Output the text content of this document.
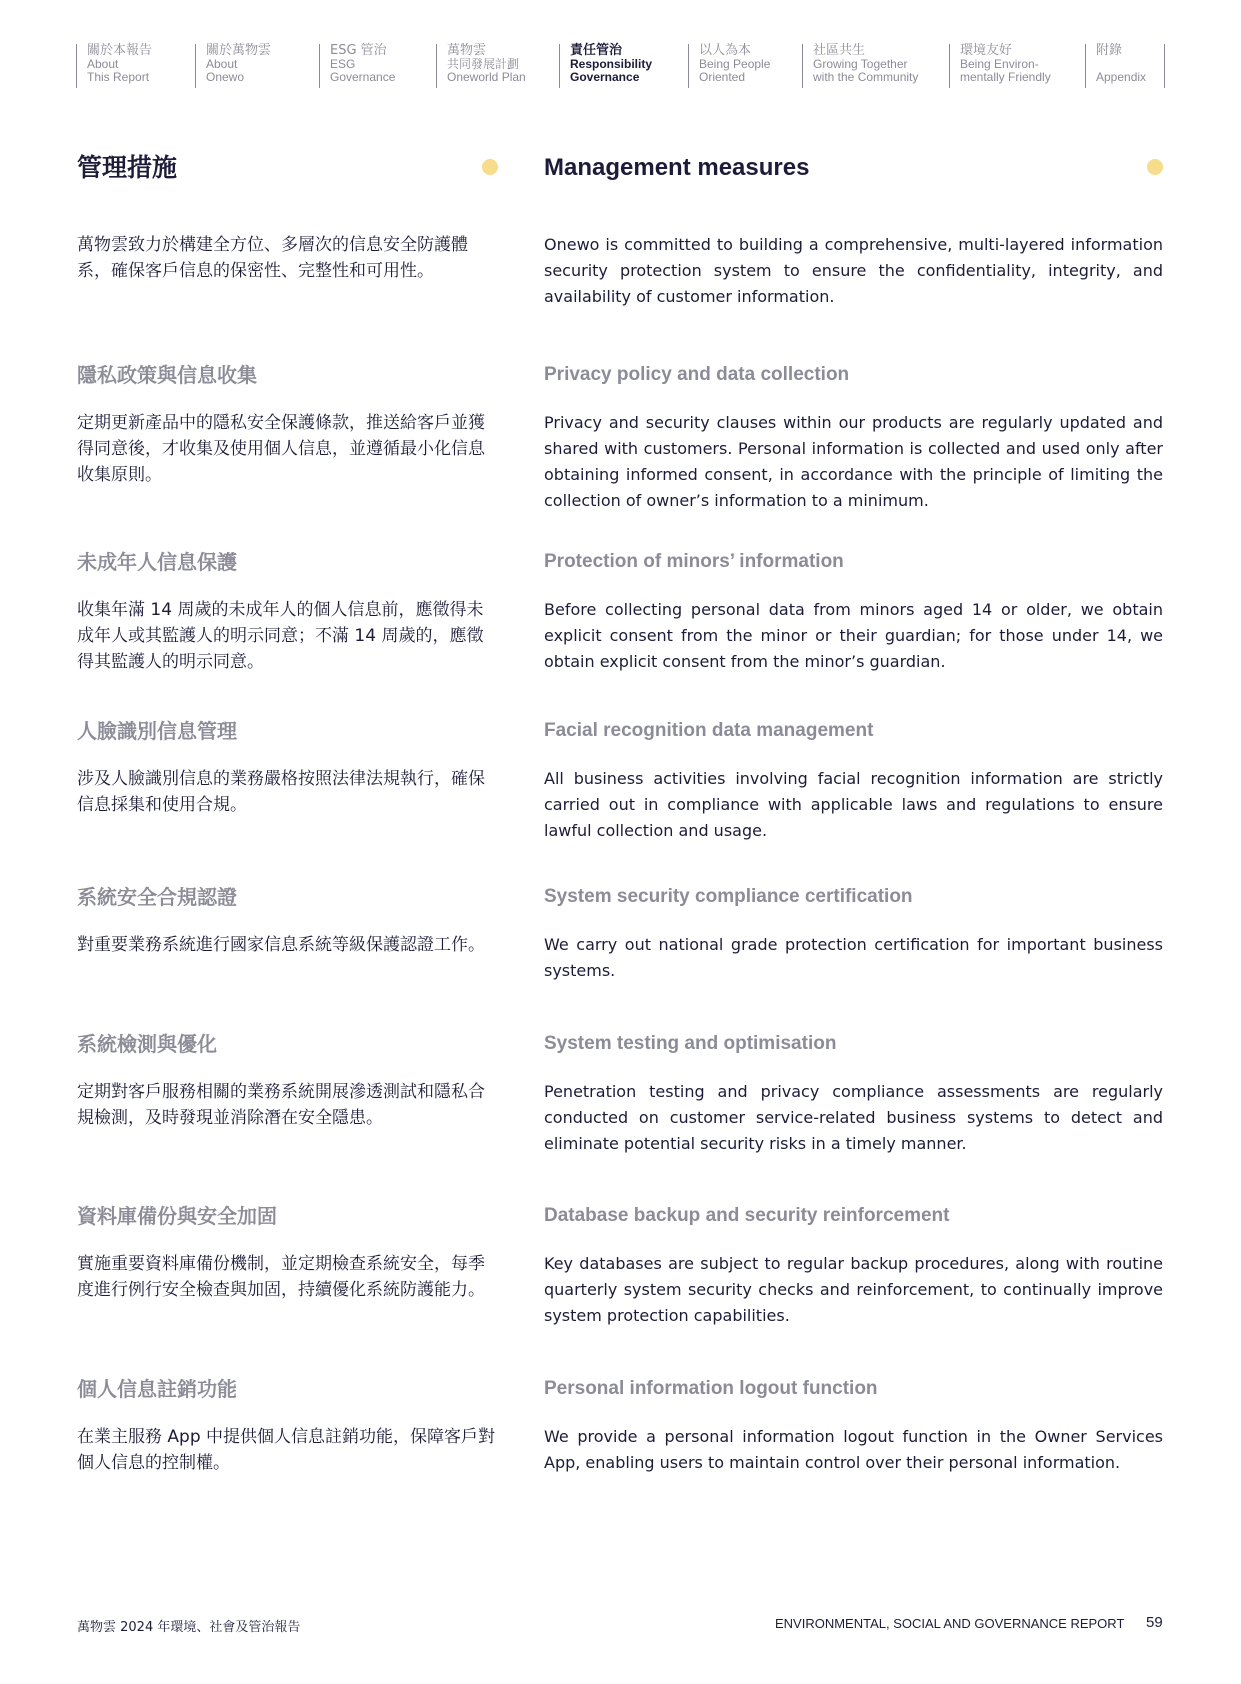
關於本報告
About
This Report
關於萬物雲
About
Onewo
ESG 管治
ESG
Governance
萬物雲
共同發展計劃
Oneworld Plan
責任管治
Responsibility
Governance
以人為本
Being People
Oriented
社區共生
Growing Together
with the Community
環境友好
Being Environ-
mentally Friendly
附錄

Appendix
管理措施

萬物雲致力於構建全方位、多層次的信息安全防護體系，確保客戶信息的保密性、完整性和可用性。

隱私政策與信息收集

定期更新產品中的隱私安全保護條款，推送給客戶並獲得同意後，才收集及使用個人信息，並遵循最小化信息收集原則。

未成年人信息保護

收集年滿 14 周歲的未成年人的個人信息前，應徵得未成年人或其監護人的明示同意；不滿 14 周歲的，應徵得其監護人的明示同意。

人臉識別信息管理

涉及人臉識別信息的業務嚴格按照法律法規執行，確保信息採集和使用合規。

系統安全合規認證

對重要業務系統進行國家信息系統等級保護認證工作。

系統檢測與優化

定期對客戶服務相關的業務系統開展滲透測試和隱私合規檢測，及時發現並消除潛在安全隱患。

資料庫備份與安全加固

實施重要資料庫備份機制，並定期檢查系統安全，每季度進行例行安全檢查與加固，持續優化系統防護能力。

個人信息註銷功能

在業主服務 App 中提供個人信息註銷功能，保障客戶對個人信息的控制權。

Management measures

Onewo is committed to building a comprehensive, multi-layered information security protection system to ensure the confidentiality, integrity, and availability of customer information.

Privacy policy and data collection

Privacy and security clauses within our products are regularly updated and shared with customers. Personal information is collected and used only after obtaining informed consent, in accordance with the principle of limiting the collection of owner’s information to a minimum.

Protection of minors’ information

Before collecting personal data from minors aged 14 or older, we obtain explicit consent from the minor or their guardian; for those under 14, we obtain explicit consent from the minor’s guardian.

Facial recognition data management

All business activities involving facial recognition information are strictly carried out in compliance with applicable laws and regulations to ensure lawful collection and usage.

System security compliance certification

We carry out national grade protection certification for important business systems.

System testing and optimisation

Penetration testing and privacy compliance assessments are regularly conducted on customer service-related business systems to detect and eliminate potential security risks in a timely manner.

Database backup and security reinforcement

Key databases are subject to regular backup procedures, along with routine quarterly system security checks and reinforcement, to continually improve system protection capabilities.

Personal information logout function

We provide a personal information logout function in the Owner Services App, enabling users to maintain control over their personal information.

萬物雲 2024 年環境、社會及管治報告	ENVIRONMENTAL, SOCIAL AND GOVERNANCE REPORT 59
